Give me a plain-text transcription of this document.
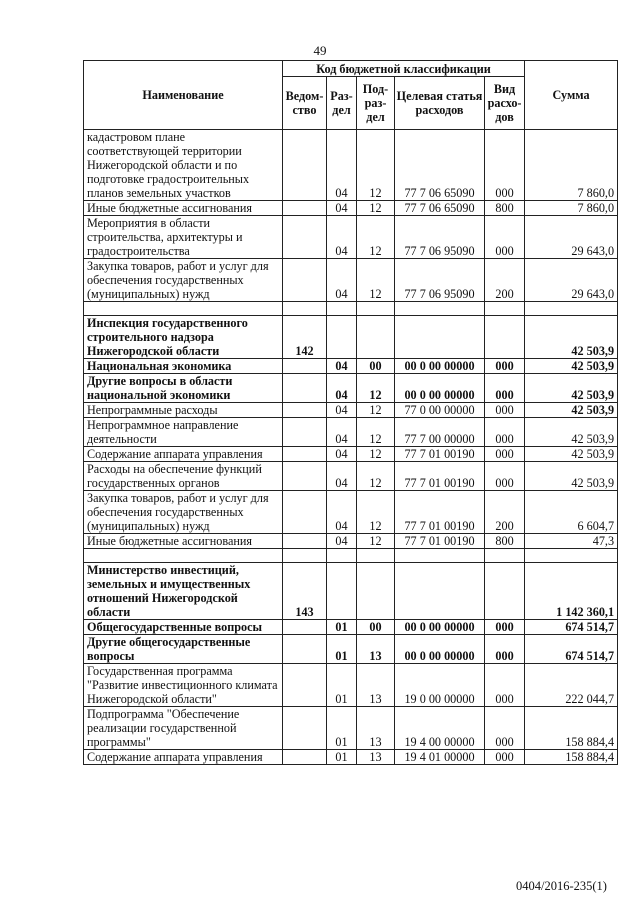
49
Наименование	Код бюджетной классификации					Сумма
	Ведом-ство	Раз-дел	Под-раз-дел	Целевая статья расходов	Вид расхо-дов	
кадастровом плане соответствующей территории Нижегородской области и по подготовке градостроительных планов земельных участков		04	12	77 7 06 65090	000	7 860,0
Иные бюджетные ассигнования		04	12	77 7 06 65090	800	7 860,0
Мероприятия в области строительства, архитектуры и градостроительства		04	12	77 7 06 95090	000	29 643,0
Закупка товаров, работ и услуг для обеспечения государственных (муниципальных) нужд		04	12	77 7 06 95090	200	29 643,0

Инспекция государственного строительного надзора Нижегородской области	142					42 503,9
Национальная экономика		04	00	00 0 00 00000	000	42 503,9
Другие вопросы в области национальной экономики		04	12	00 0 00 00000	000	42 503,9
Непрограммные расходы		04	12	77 0 00 00000	000	42 503,9
Непрограммное направление деятельности		04	12	77 7 00 00000	000	42 503,9
Содержание аппарата управления		04	12	77 7 01 00190	000	42 503,9
Расходы на обеспечение функций государственных органов		04	12	77 7 01 00190	000	42 503,9
Закупка товаров, работ и услуг для обеспечения государственных (муниципальных) нужд		04	12	77 7 01 00190	200	6 604,7
Иные бюджетные ассигнования		04	12	77 7 01 00190	800	47,3

Министерство инвестиций, земельных и имущественных отношений Нижегородской области	143					1 142 360,1
Общегосударственные вопросы		01	00	00 0 00 00000	000	674 514,7
Другие общегосударственные вопросы		01	13	00 0 00 00000	000	674 514,7
Государственная программа "Развитие инвестиционного климата Нижегородской области"		01	13	19 0 00 00000	000	222 044,7
Подпрограмма "Обеспечение реализации государственной программы"		01	13	19 4 00 00000	000	158 884,4
Содержание аппарата управления		01	13	19 4 01 00000	000	158 884,4
0404/2016-235(1)
